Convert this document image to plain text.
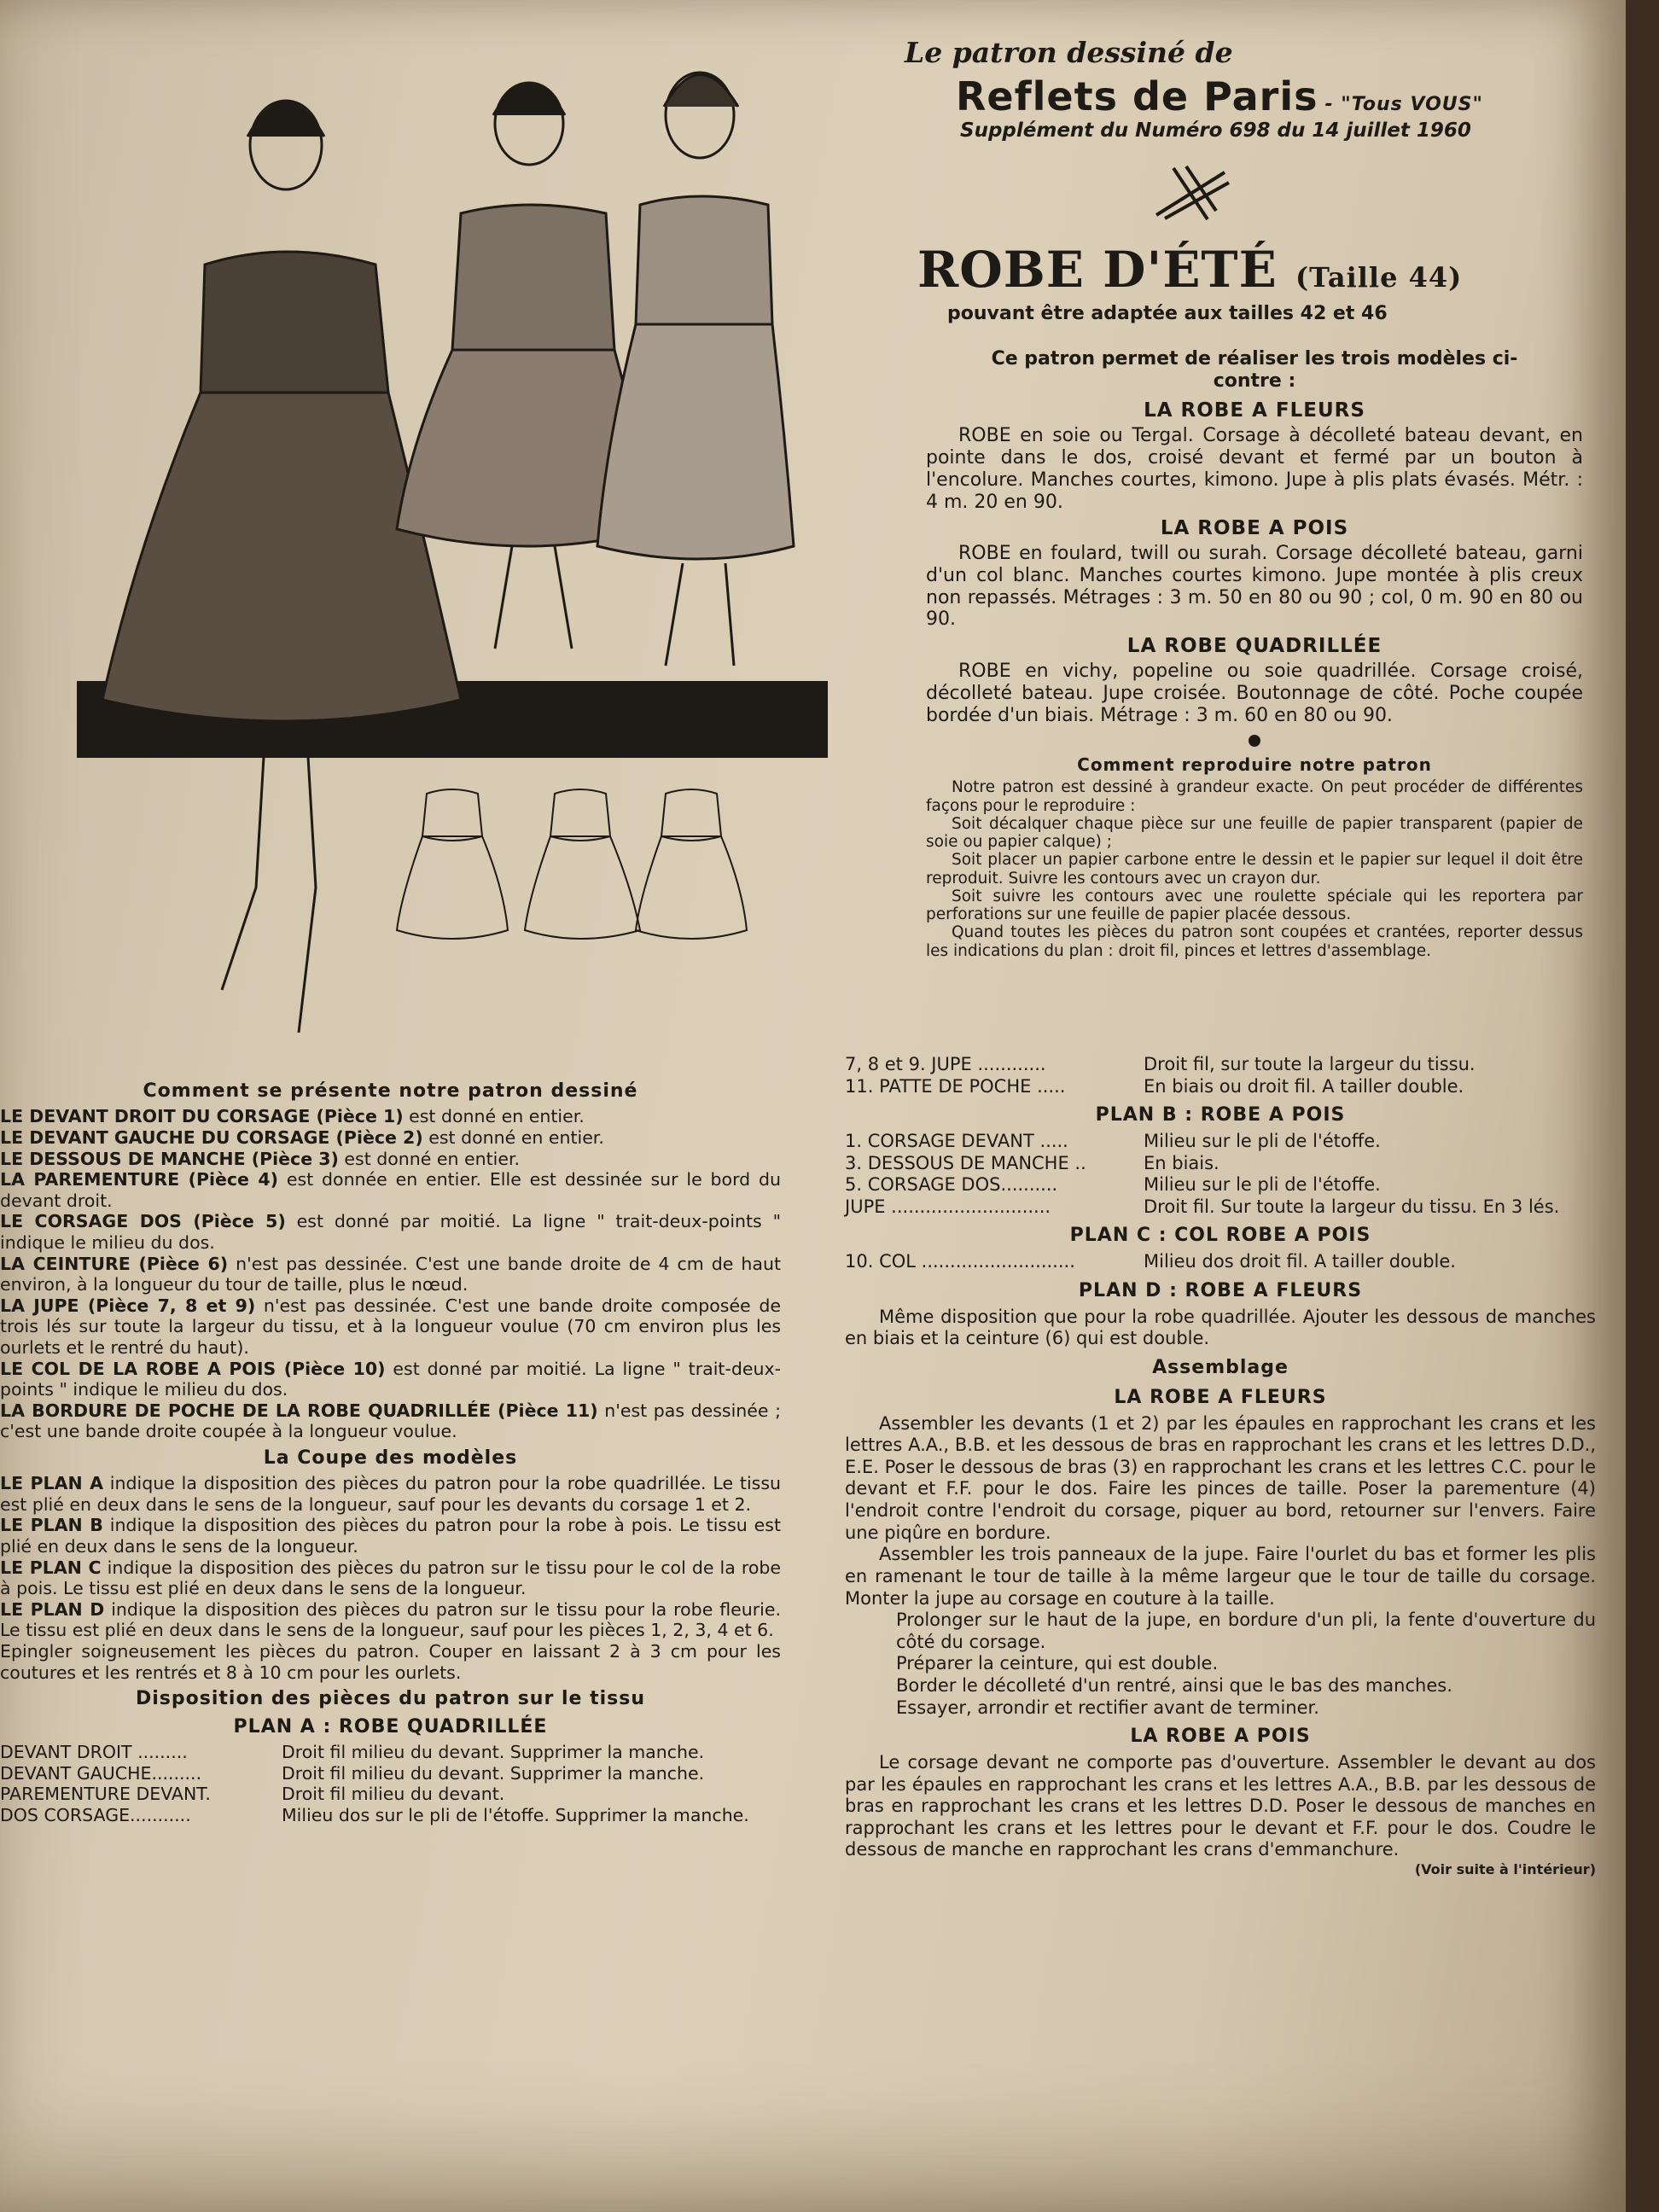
Le patron dessiné de
Reflets de Paris - "Tous VOUS"
Supplément du Numéro 698 du 14 juillet 1960
ROBE D'ÉTÉ (Taille 44)
pouvant être adaptée aux tailles 42 et 46
Ce patron permet de réaliser les trois modèles ci-contre :
LA ROBE A FLEURS

ROBE en soie ou Tergal. Corsage à décolleté bateau devant, en pointe dans le dos, croisé devant et fermé par un bouton à l'encolure. Manches courtes, kimono. Jupe à plis plats évasés. Métr. : 4 m. 20 en 90.

LA ROBE A POIS

ROBE en foulard, twill ou surah. Corsage décolleté bateau, garni d'un col blanc. Manches courtes kimono. Jupe montée à plis creux non repassés. Métrages : 3 m. 50 en 80 ou 90 ; col, 0 m. 90 en 80 ou 90.

LA ROBE QUADRILLÉE

ROBE en vichy, popeline ou soie quadrillée. Corsage croisé, décolleté bateau. Jupe croisée. Boutonnage de côté. Poche coupée bordée d'un biais. Métrage : 3 m. 60 en 80 ou 90.

Comment reproduire notre patron

Notre patron est dessiné à grandeur exacte. On peut procéder de différentes façons pour le reproduire :

Soit décalquer chaque pièce sur une feuille de papier transparent (papier de soie ou papier calque) ;

Soit placer un papier carbone entre le dessin et le papier sur lequel il doit être reproduit. Suivre les contours avec un crayon dur.

Soit suivre les contours avec une roulette spéciale qui les reportera par perforations sur une feuille de papier placée dessous.

Quand toutes les pièces du patron sont coupées et crantées, reporter dessus les indications du plan : droit fil, pinces et lettres d'assemblage.

7, 8 et 9. JUPE ............	Droit fil, sur toute la largeur du tissu.
11. PATTE DE POCHE .....	En biais ou droit fil. A tailler double.
PLAN B : ROBE A POIS
1. CORSAGE DEVANT .....	Milieu sur le pli de l'étoffe.
3. DESSOUS DE MANCHE ..	En biais.
5. CORSAGE DOS..........	Milieu sur le pli de l'étoffe.
JUPE ............................	Droit fil. Sur toute la largeur du tissu. En 3 lés.
PLAN C : COL ROBE A POIS
10. COL ...........................	Milieu dos droit fil. A tailler double.
PLAN D : ROBE A FLEURS

Même disposition que pour la robe quadrillée. Ajouter les dessous de manches en biais et la ceinture (6) qui est double.

Assemblage
LA ROBE A FLEURS

Assembler les devants (1 et 2) par les épaules en rapprochant les crans et les lettres A.A., B.B. et les dessous de bras en rapprochant les crans et les lettres D.D., E.E. Poser le dessous de bras (3) en rapprochant les crans et les lettres C.C. pour le devant et F.F. pour le dos. Faire les pinces de taille. Poser la parementure (4) l'endroit contre l'endroit du corsage, piquer au bord, retourner sur l'envers. Faire une piqûre en bordure.

Assembler les trois panneaux de la jupe. Faire l'ourlet du bas et former les plis en ramenant le tour de taille à la même largeur que le tour de taille du corsage. Monter la jupe au corsage en couture à la taille.

Prolonger sur le haut de la jupe, en bordure d'un pli, la fente d'ouverture du côté du corsage.

Préparer la ceinture, qui est double.

Border le décolleté d'un rentré, ainsi que le bas des manches.

Essayer, arrondir et rectifier avant de terminer.

LA ROBE A POIS

Le corsage devant ne comporte pas d'ouverture. Assembler le devant au dos par les épaules en rapprochant les crans et les lettres A.A., B.B. par les dessous de bras en rapprochant les crans et les lettres D.D. Poser le dessous de manches en rapprochant les crans et les lettres pour le devant et F.F. pour le dos. Coudre le dessous de manche en rapprochant les crans d'emmanchure.

(Voir suite à l'intérieur)
Comment se présente notre patron dessiné

LE DEVANT DROIT DU CORSAGE (Pièce 1) est donné en entier.

LE DEVANT GAUCHE DU CORSAGE (Pièce 2) est donné en entier.

LE DESSOUS DE MANCHE (Pièce 3) est donné en entier.

LA PAREMENTURE (Pièce 4) est donnée en entier. Elle est dessinée sur le bord du devant droit.

LE CORSAGE DOS (Pièce 5) est donné par moitié. La ligne " trait-deux-points " indique le milieu du dos.

LA CEINTURE (Pièce 6) n'est pas dessinée. C'est une bande droite de 4 cm de haut environ, à la longueur du tour de taille, plus le nœud.

LA JUPE (Pièce 7, 8 et 9) n'est pas dessinée. C'est une bande droite composée de trois lés sur toute la largeur du tissu, et à la longueur voulue (70 cm environ plus les ourlets et le rentré du haut).

LE COL DE LA ROBE A POIS (Pièce 10) est donné par moitié. La ligne " trait-deux-points " indique le milieu du dos.

LA BORDURE DE POCHE DE LA ROBE QUADRILLÉE (Pièce 11) n'est pas dessinée ; c'est une bande droite coupée à la longueur voulue.

La Coupe des modèles

LE PLAN A indique la disposition des pièces du patron pour la robe quadrillée. Le tissu est plié en deux dans le sens de la longueur, sauf pour les devants du corsage 1 et 2.

LE PLAN B indique la disposition des pièces du patron pour la robe à pois. Le tissu est plié en deux dans le sens de la longueur.

LE PLAN C indique la disposition des pièces du patron sur le tissu pour le col de la robe à pois. Le tissu est plié en deux dans le sens de la longueur.

LE PLAN D indique la disposition des pièces du patron sur le tissu pour la robe fleurie. Le tissu est plié en deux dans le sens de la longueur, sauf pour les pièces 1, 2, 3, 4 et 6.

Epingler soigneusement les pièces du patron. Couper en laissant 2 à 3 cm pour les coutures et les rentrés et 8 à 10 cm pour les ourlets.

Disposition des pièces du patron sur le tissu
PLAN A : ROBE QUADRILLÉE
DEVANT DROIT .........	Droit fil milieu du devant. Supprimer la manche.
DEVANT GAUCHE.........	Droit fil milieu du devant. Supprimer la manche.
PAREMENTURE DEVANT.	Droit fil milieu du devant.
DOS CORSAGE...........	Milieu dos sur le pli de l'étoffe. Supprimer la manche.
